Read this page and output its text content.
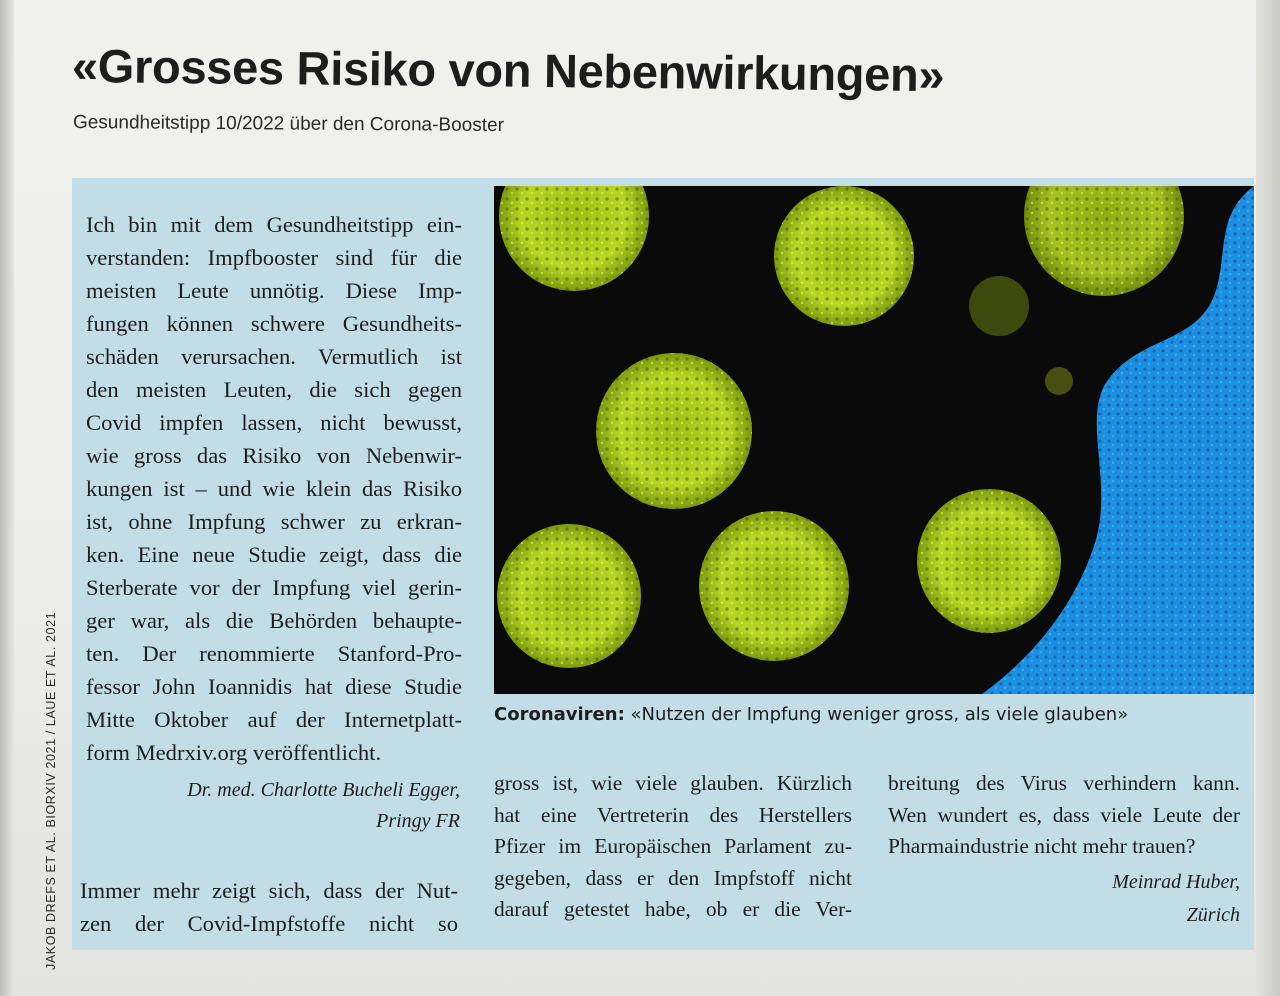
«Grosses Risiko von Nebenwirkungen»
Gesundheitstipp 10/2022 über den Corona-Booster
Ich bin mit dem Gesundheitstipp ein-
verstanden: Impfbooster sind für die
meisten Leute unnötig. Diese Imp-
fungen können schwere Gesundheits-
schäden verursachen. Vermutlich ist
den meisten Leuten, die sich gegen
Covid impfen lassen, nicht bewusst,
wie gross das Risiko von Nebenwir-
kungen ist – und wie klein das Risiko
ist, ohne Impfung schwer zu erkran-
ken. Eine neue Studie zeigt, dass die
Sterberate vor der Impfung viel gerin-
ger war, als die Behörden behaupte-
ten. Der renommierte Stanford-Pro-
fessor John Ioannidis hat diese Studie
Mitte Oktober auf der Internetplatt-
form Medrxiv.org veröffentlicht.
Dr. med. Charlotte Bucheli Egger,
Pringy FR
Immer mehr zeigt sich, dass der Nut-
zen der Covid-Impfstoffe nicht so
Coronaviren: «Nutzen der Impfung weniger gross, als viele glauben»
gross ist, wie viele glauben. Kürzlich
hat eine Vertreterin des Herstellers
Pfizer im Europäischen Parlament zu-
gegeben, dass er den Impfstoff nicht
darauf getestet habe, ob er die Ver-
breitung des Virus verhindern kann.
Wen wundert es, dass viele Leute der
Pharmaindustrie nicht mehr trauen?
Meinrad Huber,
Zürich
JAKOB DREFS ET AL. BIORXIV 2021 / LAUE ET AL. 2021
